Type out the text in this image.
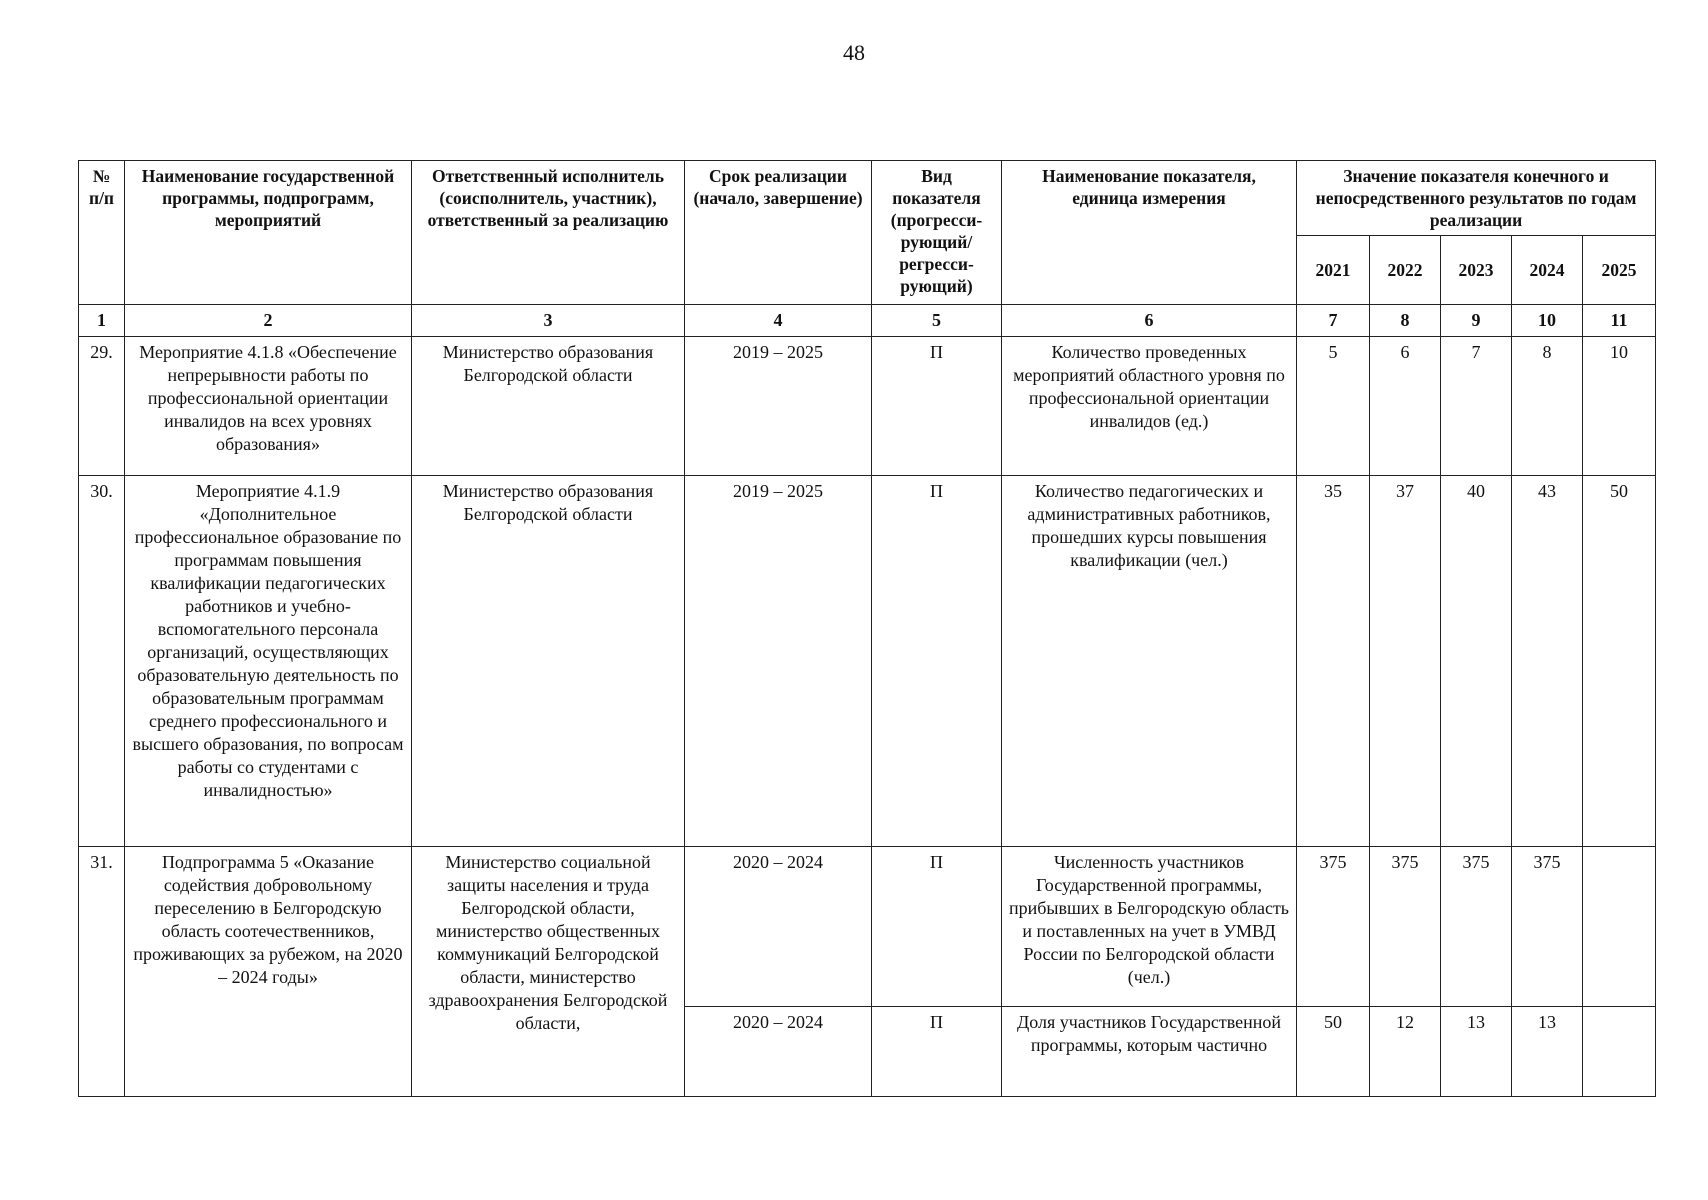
48
№ п/п	Наименование государственной программы, подпрограмм, мероприятий	Ответственный исполнитель (соисполнитель, участник), ответственный за реализацию	Срок реализации (начало, завершение)	Вид показателя (прогресси-рующий/ регресси-рующий)	Наименование показателя, единица измерения	Значение показателя конечного и непосредственного результатов по годам реализации				
						2021	2022	2023	2024	2025
1	2	3	4	5	6	7	8	9	10	11
29.	Мероприятие 4.1.8 «Обеспечение непрерывности работы по профессиональной ориентации инвалидов на всех уровнях образования»	Министерство образования Белгородской области	2019 – 2025	П	Количество проведенных мероприятий областного уровня по профессиональной ориентации инвалидов (ед.)	5	6	7	8	10
30.	Мероприятие 4.1.9 «Дополнительное профессиональное образование по программам повышения квалификации педагогических работников и учебно-вспомогательного персонала организаций, осуществляющих образовательную деятельность по образовательным программам среднего профессионального и высшего образования, по вопросам работы со студентами с инвалидностью»	Министерство образования Белгородской области	2019 – 2025	П	Количество педагогических и административных работников, прошедших курсы повышения квалификации (чел.)	35	37	40	43	50
31.	Подпрограмма 5 «Оказание содействия добровольному переселению в Белгородскую область соотечественников, проживающих за рубежом, на 2020 – 2024 годы»	Министерство социальной защиты населения и труда Белгородской области, министерство общественных коммуникаций Белгородской области, министерство здравоохранения Белгородской области,	2020 – 2024	П	Численность участников Государственной программы, прибывших в Белгородскую область и поставленных на учет в УМВД России по Белгородской области (чел.)	375	375	375	375	
			2020 – 2024	П	Доля участников Государственной программы, которым частично	50	12	13	13	
